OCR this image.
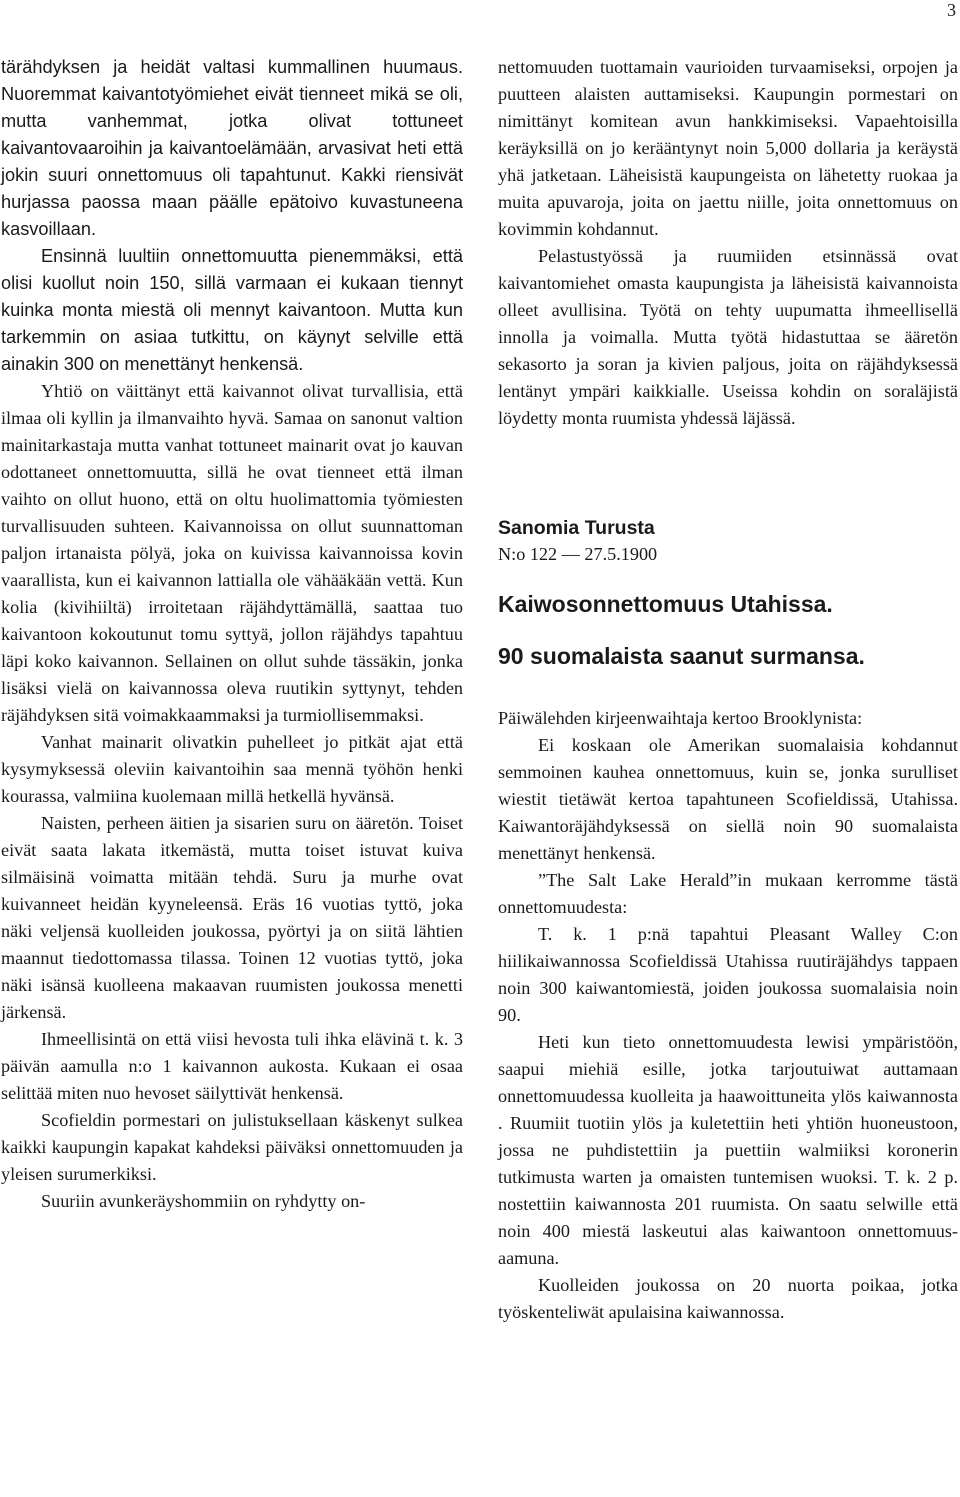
3

tärähdyksen ja heidät valtasi kummallinen huumaus. Nuoremmat kaivantotyömiehet eivät tienneet mikä se oli, mutta vanhemmat, jotka olivat tottuneet kaivantovaaroihin ja kaivantoelämään, arvasivat heti että jokin suuri onnettomuus oli tapahtunut. Kakki riensivät hurjassa paossa maan päälle epätoivo kuvastuneena kasvoillaan.

Ensinnä luultiin onnettomuutta pienemmäksi, että olisi kuollut noin 150, sillä varmaan ei kukaan tiennyt kuinka monta miestä oli mennyt kaivantoon. Mutta kun tarkemmin on asiaa tutkittu, on käynyt selville että ainakin 300 on menettänyt henkensä.

Yhtiö on väittänyt että kaivannot olivat turvallisia, että ilmaa oli kyllin ja ilmanvaihto hyvä. Samaa on sanonut valtion mainitarkastaja mutta vanhat tottuneet mainarit ovat jo kauvan odottaneet onnettomuutta, sillä he ovat tienneet että ilman vaihto on ollut huono, että on oltu huolimattomia työmiesten turvallisuuden suhteen. Kaivannoissa on ollut suunnattoman paljon irtanaista pölyä, joka on kuivissa kaivannoissa kovin vaarallista, kun ei kaivannon lattialla ole vähääkään vettä. Kun kolia (kivihiiltä) irroitetaan räjähdyttämällä, saattaa tuo kaivantoon kokoutunut tomu syttyä, jollon räjähdys tapahtuu läpi koko kaivannon. Sellainen on ollut suhde tässäkin, jonka lisäksi vielä on kaivannossa oleva ruutikin syttynyt, tehden räjähdyksen sitä voimakkaammaksi ja turmiollisemmaksi.

Vanhat mainarit olivatkin puhelleet jo pitkät ajat että kysymyksessä oleviin kaivantoihin saa mennä työhön henki kourassa, valmiina kuolemaan millä hetkellä hyvänsä.

Naisten, perheen äitien ja sisarien suru on ääretön. Toiset eivät saata lakata itkemästä, mutta toiset istuvat kuiva silmäisinä voimatta mitään tehdä. Suru ja murhe ovat kuivanneet heidän kyyneleensä. Eräs 16 vuotias tyttö, joka näki veljensä kuolleiden joukossa, pyörtyi ja on siitä lähtien maannut tiedottomassa tilassa. Toinen 12 vuotias tyttö, joka näki isänsä kuolleena makaavan ruumisten joukossa menetti järkensä.

Ihmeellisintä on että viisi hevosta tuli ihka elävinä t. k. 3 päivän aamulla n:o 1 kaivannon aukosta. Kukaan ei osaa selittää miten nuo hevoset säilyttivät henkensä.

Scofieldin pormestari on julistuksellaan käskenyt sulkea kaikki kaupungin kapakat kahdeksi päiväksi onnettomuuden ja yleisen surumerkiksi.

Suuriin avunkeräyshommiin on ryhdytty on-

nettomuuden tuottamain vaurioiden turvaamiseksi, orpojen ja puutteen alaisten auttamiseksi. Kaupungin pormestari on nimittänyt komitean avun hankkimiseksi. Vapaehtoisilla keräyksillä on jo kerääntynyt noin 5,000 dollaria ja keräystä yhä jatketaan. Läheisistä kaupungeista on lähetetty ruokaa ja muita apuvaroja, joita on jaettu niille, joita onnettomuus on kovimmin kohdannut.

Pelastustyössä ja ruumiiden etsinnässä ovat kaivantomiehet omasta kaupungista ja läheisistä kaivannoista olleet avullisina. Työtä on tehty uupumatta ihmeellisellä innolla ja voimalla. Mutta työtä hidastuttaa se ääretön sekasorto ja soran ja kivien paljous, joita on räjähdyksessä lentänyt ympäri kaikkialle. Useissa kohdin on soraläjistä löydetty monta ruumista yhdessä läjässä.

Sanomia Turusta

N:o 122 — 27.5.1900

Kaiwosonnettomuus Utahissa.
90 suomalaista saanut surmansa.

Päiwälehden kirjeenwaihtaja kertoo Brooklynista:

Ei koskaan ole Amerikan suomalaisia kohdannut semmoinen kauhea onnettomuus, kuin se, jonka surulliset wiestit tietäwät kertoa tapahtuneen Scofieldissä, Utahissa. Kaiwantoräjähdyksessä on siellä noin 90 suomalaista menettänyt henkensä.

”The Salt Lake Herald”in mukaan kerromme tästä onnettomuudesta:

T. k. 1 p:nä tapahtui Pleasant Walley C:on hiilikaiwannossa Scofieldissä Utahissa ruutiräjähdys tappaen noin 300 kaiwantomiestä, joiden joukossa suomalaisia noin 90.

Heti kun tieto onnettomuudesta lewisi ympäristöön, saapui miehiä esille, jotka tarjoutuiwat auttamaan onnettomuudessa kuolleita ja haawoittuneita ylös kaiwannosta . Ruumiit tuotiin ylös ja kuletettiin heti yhtiön huoneustoon, jossa ne puhdistettiin ja puettiin walmiiksi koronerin tutkimusta warten ja omaisten tuntemisen wuoksi. T. k. 2 p. nostettiin kaiwannosta 201 ruumista. On saatu selwille että noin 400 miestä laskeutui alas kaiwantoon onnettomuus-aamuna.

Kuolleiden joukossa on 20 nuorta poikaa, jotka työskenteliwät apulaisina kaiwannossa.
